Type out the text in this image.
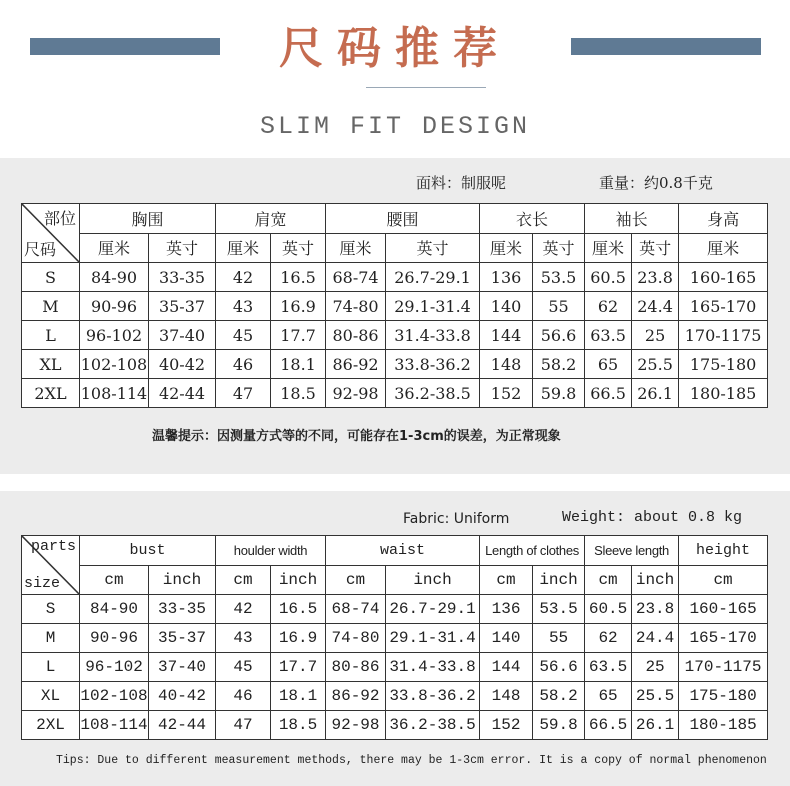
尺码推荐
SLIM FIT DESIGN
面料：制服呢	重量：约0.8千克
部位
尺码	胸围		肩宽		腰围		衣长		袖长		身高
	厘米	英寸	厘米	英寸	厘米	英寸	厘米	英寸	厘米	英寸	厘米
S	84-90	33-35	42	16.5	68-74	26.7-29.1	136	53.5	60.5	23.8	160-165
M	90-96	35-37	43	16.9	74-80	29.1-31.4	140	55	62	24.4	165-170
L	96-102	37-40	45	17.7	80-86	31.4-33.8	144	56.6	63.5	25	170-1175
XL	102-108	40-42	46	18.1	86-92	33.8-36.2	148	58.2	65	25.5	175-180
2XL	108-114	42-44	47	18.5	92-98	36.2-38.5	152	59.8	66.5	26.1	180-185
温馨提示：因测量方式等的不同，可能存在1-3cm的误差，为正常现象
Fabric: Uniform	Weight: about 0.8 kg
parts
size	bust		houlder width		waist		Length of clothes		Sleeve length		height
	cm	inch	cm	inch	cm	inch	cm	inch	cm	inch	cm
S	84-90	33-35	42	16.5	68-74	26.7-29.1	136	53.5	60.5	23.8	160-165
M	90-96	35-37	43	16.9	74-80	29.1-31.4	140	55	62	24.4	165-170
L	96-102	37-40	45	17.7	80-86	31.4-33.8	144	56.6	63.5	25	170-1175
XL	102-108	40-42	46	18.1	86-92	33.8-36.2	148	58.2	65	25.5	175-180
2XL	108-114	42-44	47	18.5	92-98	36.2-38.5	152	59.8	66.5	26.1	180-185
Tips: Due to different measurement methods, there may be 1-3cm error. It is a copy of normal phenomenon
